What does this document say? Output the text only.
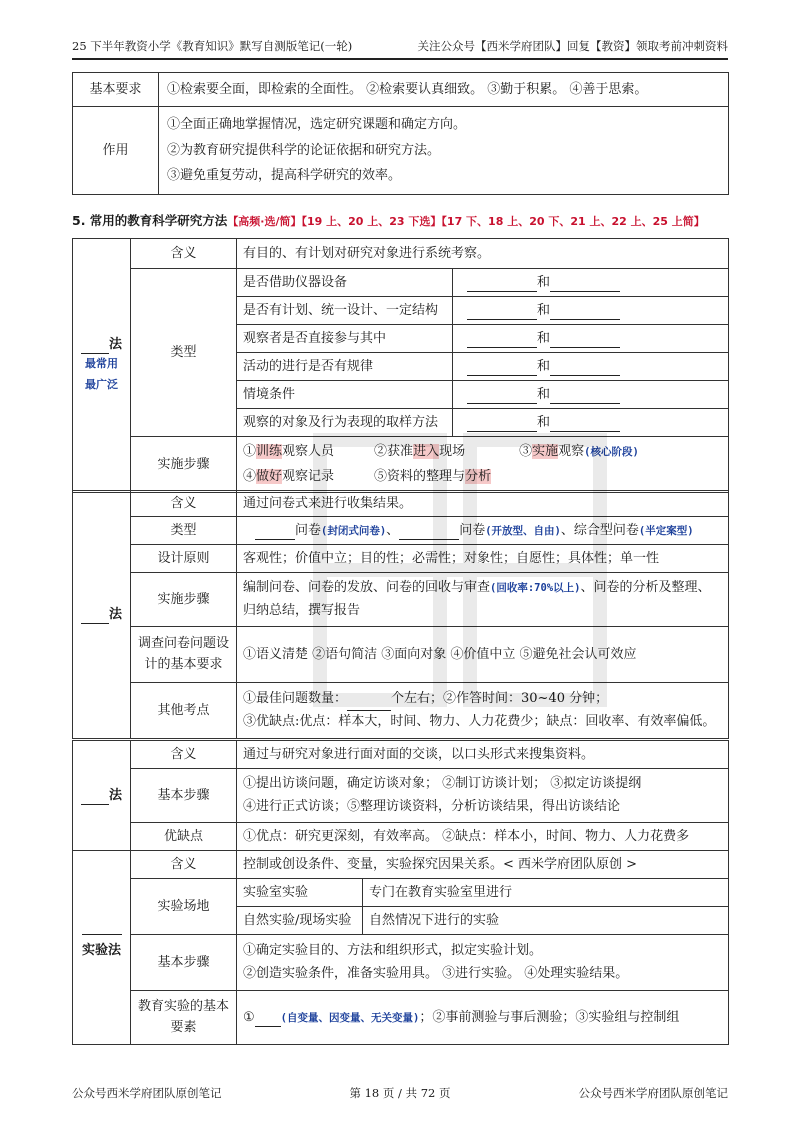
25 下半年教资小学《教育知识》默写自测版笔记(一轮)	关注公众号【西米学府团队】回复【教资】领取考前冲刺资料
基本要求	①检索要全面，即检索的全面性。 ②检索要认真细致。 ③勤于积累。 ④善于思索。
作用	①全面正确地掌握情况，选定研究课题和确定方向。
②为教育研究提供科学的论证依据和研究方法。
③避免重复劳动，提高科学研究的效率。
5. 常用的教育科学研究方法【高频·选/简】【19 上、20 上、23 下选】【17 下、18 上、20 下、21 上、22 上、25 上简】
法
最常用
最广泛	含义	有目的、有计划对研究对象进行系统考察。	
	类型	是否借助仪器设备	和
		是否有计划、统一设计、一定结构	和
		观察者是否直接参与其中	和
		活动的进行是否有规律	和
		情境条件	和
		观察的对象及行为表现的取样方法	和
	实施步骤	①训练观察人员 ②获准进入现场 ③实施观察(核心阶段)
④做好观察记录 ⑤资料的整理与分析	
法	含义	通过问卷式来进行收集结果。
	类型	问卷(封闭式问卷)、 问卷(开放型、自由)、综合型问卷(半定案型)
	设计原则	客观性；价值中立；目的性；必需性；对象性；自愿性；具体性；单一性
	实施步骤	编制问卷、问卷的发放、问卷的回收与审查(回收率:70%以上)、问卷的分析及整理、归纳总结，撰写报告
	调查问卷问题设计的基本要求	①语义清楚 ②语句简洁 ③面向对象 ④价值中立 ⑤避免社会认可效应
	其他考点	①最佳问题数量： 个左右；②作答时间：30~40 分钟；
③优缺点:优点：样本大，时间、物力、人力花费少；缺点：回收率、有效率偏低。
法	含义	通过与研究对象进行面对面的交谈，以口头形式来搜集资料。
	基本步骤	①提出访谈问题，确定访谈对象； ②制订访谈计划； ③拟定访谈提纲
④进行正式访谈；⑤整理访谈资料，分析访谈结果，得出访谈结论

	优缺点	①优点：研究更深刻，有效率高。 ②缺点：样本小，时间、物力、人力花费多
实验法	含义	控制或创设条件、变量，实验探究因果关系。< 西米学府团队原创 >	
	实验场地	实验室实验	专门在教育实验室里进行
		自然实验/现场实验	自然情况下进行的实验
	基本步骤	①确定实验目的、方法和组织形式，拟定实验计划。
②创造实验条件，准备实验用具。 ③进行实验。 ④处理实验结果。	

	教育实验的基本要素	① (自变量、因变量、无关变量)；②事前测验与事后测验；③实验组与控制组	
公众号西米学府团队原创笔记	第 18 页 / 共 72 页	公众号西米学府团队原创笔记
